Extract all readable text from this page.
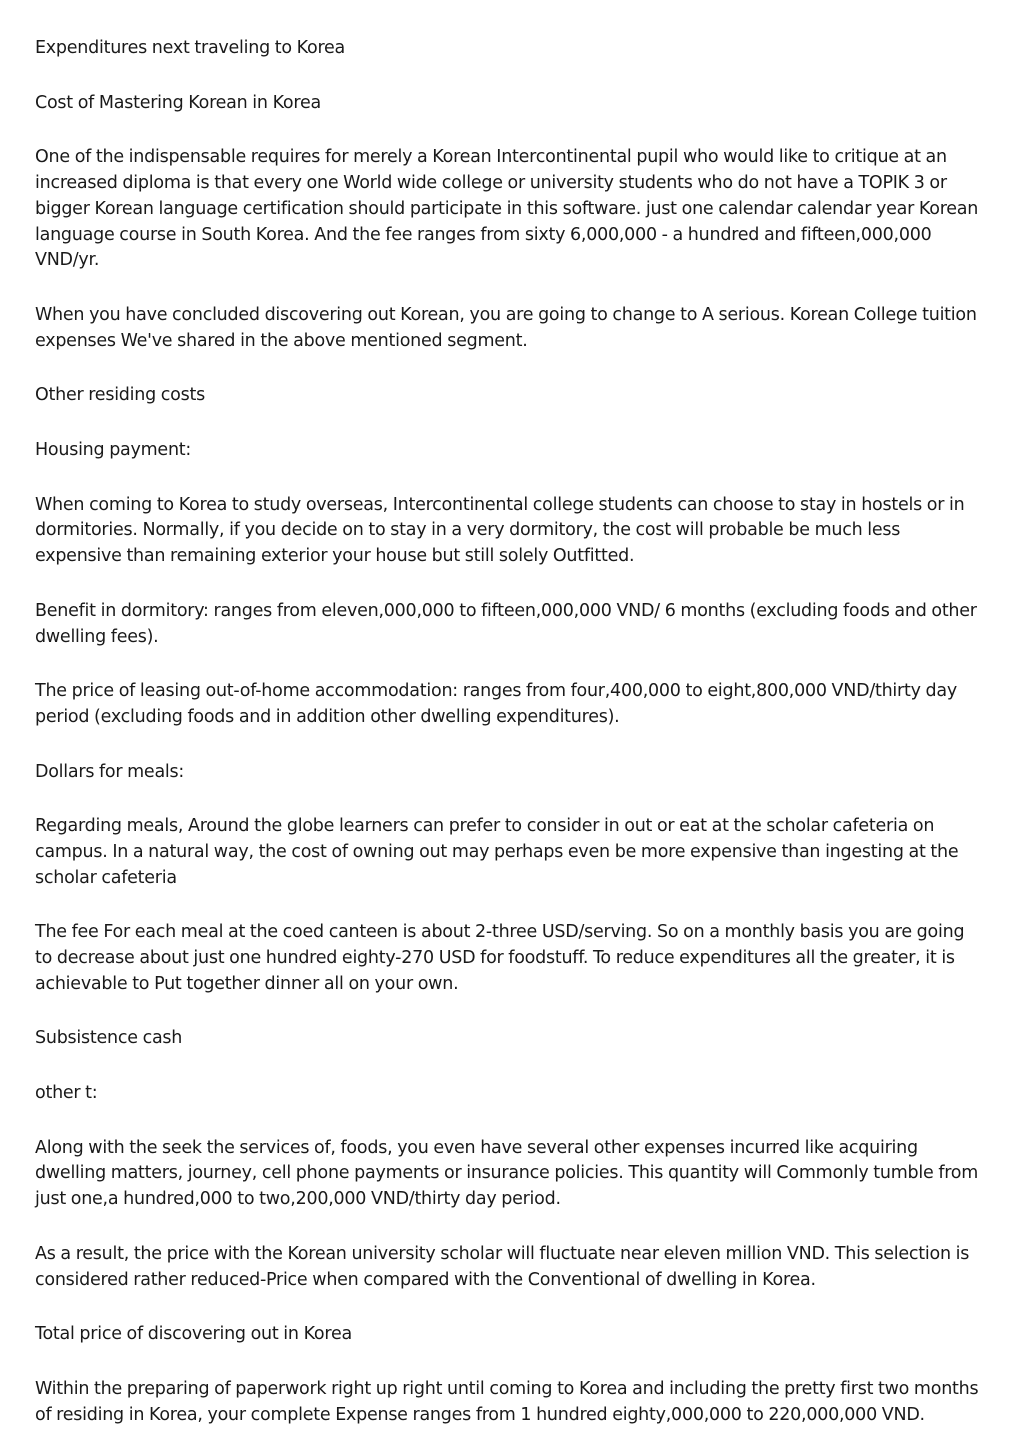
Expenditures next traveling to Korea

Cost of Mastering Korean in Korea

One of the indispensable requires for merely a Korean Intercontinental pupil who would like to critique at an increased diploma is that every one World wide college or university students who do not have a TOPIK 3 or bigger Korean language certification should participate in this software. just one calendar calendar year Korean language course in South Korea. And the fee ranges from sixty 6,000,000 - a hundred and fifteen,000,000 VND/yr.

When you have concluded discovering out Korean, you are going to change to A serious. Korean College tuition expenses We've shared in the above mentioned segment.

Other residing costs

Housing payment:

When coming to Korea to study overseas, Intercontinental college students can choose to stay in hostels or in dormitories. Normally, if you decide on to stay in a very dormitory, the cost will probable be much less expensive than remaining exterior your house but still solely Outfitted.

Benefit in dormitory: ranges from eleven,000,000 to fifteen,000,000 VND/ 6 months (excluding foods and other dwelling fees).

The price of leasing out-of-home accommodation: ranges from four,400,000 to eight,800,000 VND/thirty day period (excluding foods and in addition other dwelling expenditures).

Dollars for meals:

Regarding meals, Around the globe learners can prefer to consider in out or eat at the scholar cafeteria on campus. In a natural way, the cost of owning out may perhaps even be more expensive than ingesting at the scholar cafeteria

The fee For each meal at the coed canteen is about 2-three USD/serving. So on a monthly basis you are going to decrease about just one hundred eighty-270 USD for foodstuff. To reduce expenditures all the greater, it is achievable to Put together dinner all on your own.

Subsistence cash

other t:

Along with the seek the services of, foods, you even have several other expenses incurred like acquiring dwelling matters, journey, cell phone payments or insurance policies. This quantity will Commonly tumble from just one,a hundred,000 to two,200,000 VND/thirty day period.

As a result, the price with the Korean university scholar will fluctuate near eleven million VND. This selection is considered rather reduced-Price when compared with the Conventional of dwelling in Korea.

Total price of discovering out in Korea

Within the preparing of paperwork right up right until coming to Korea and including the pretty first two months of residing in Korea, your complete Expense ranges from 1 hundred eighty,000,000 to 220,000,000 VND.
